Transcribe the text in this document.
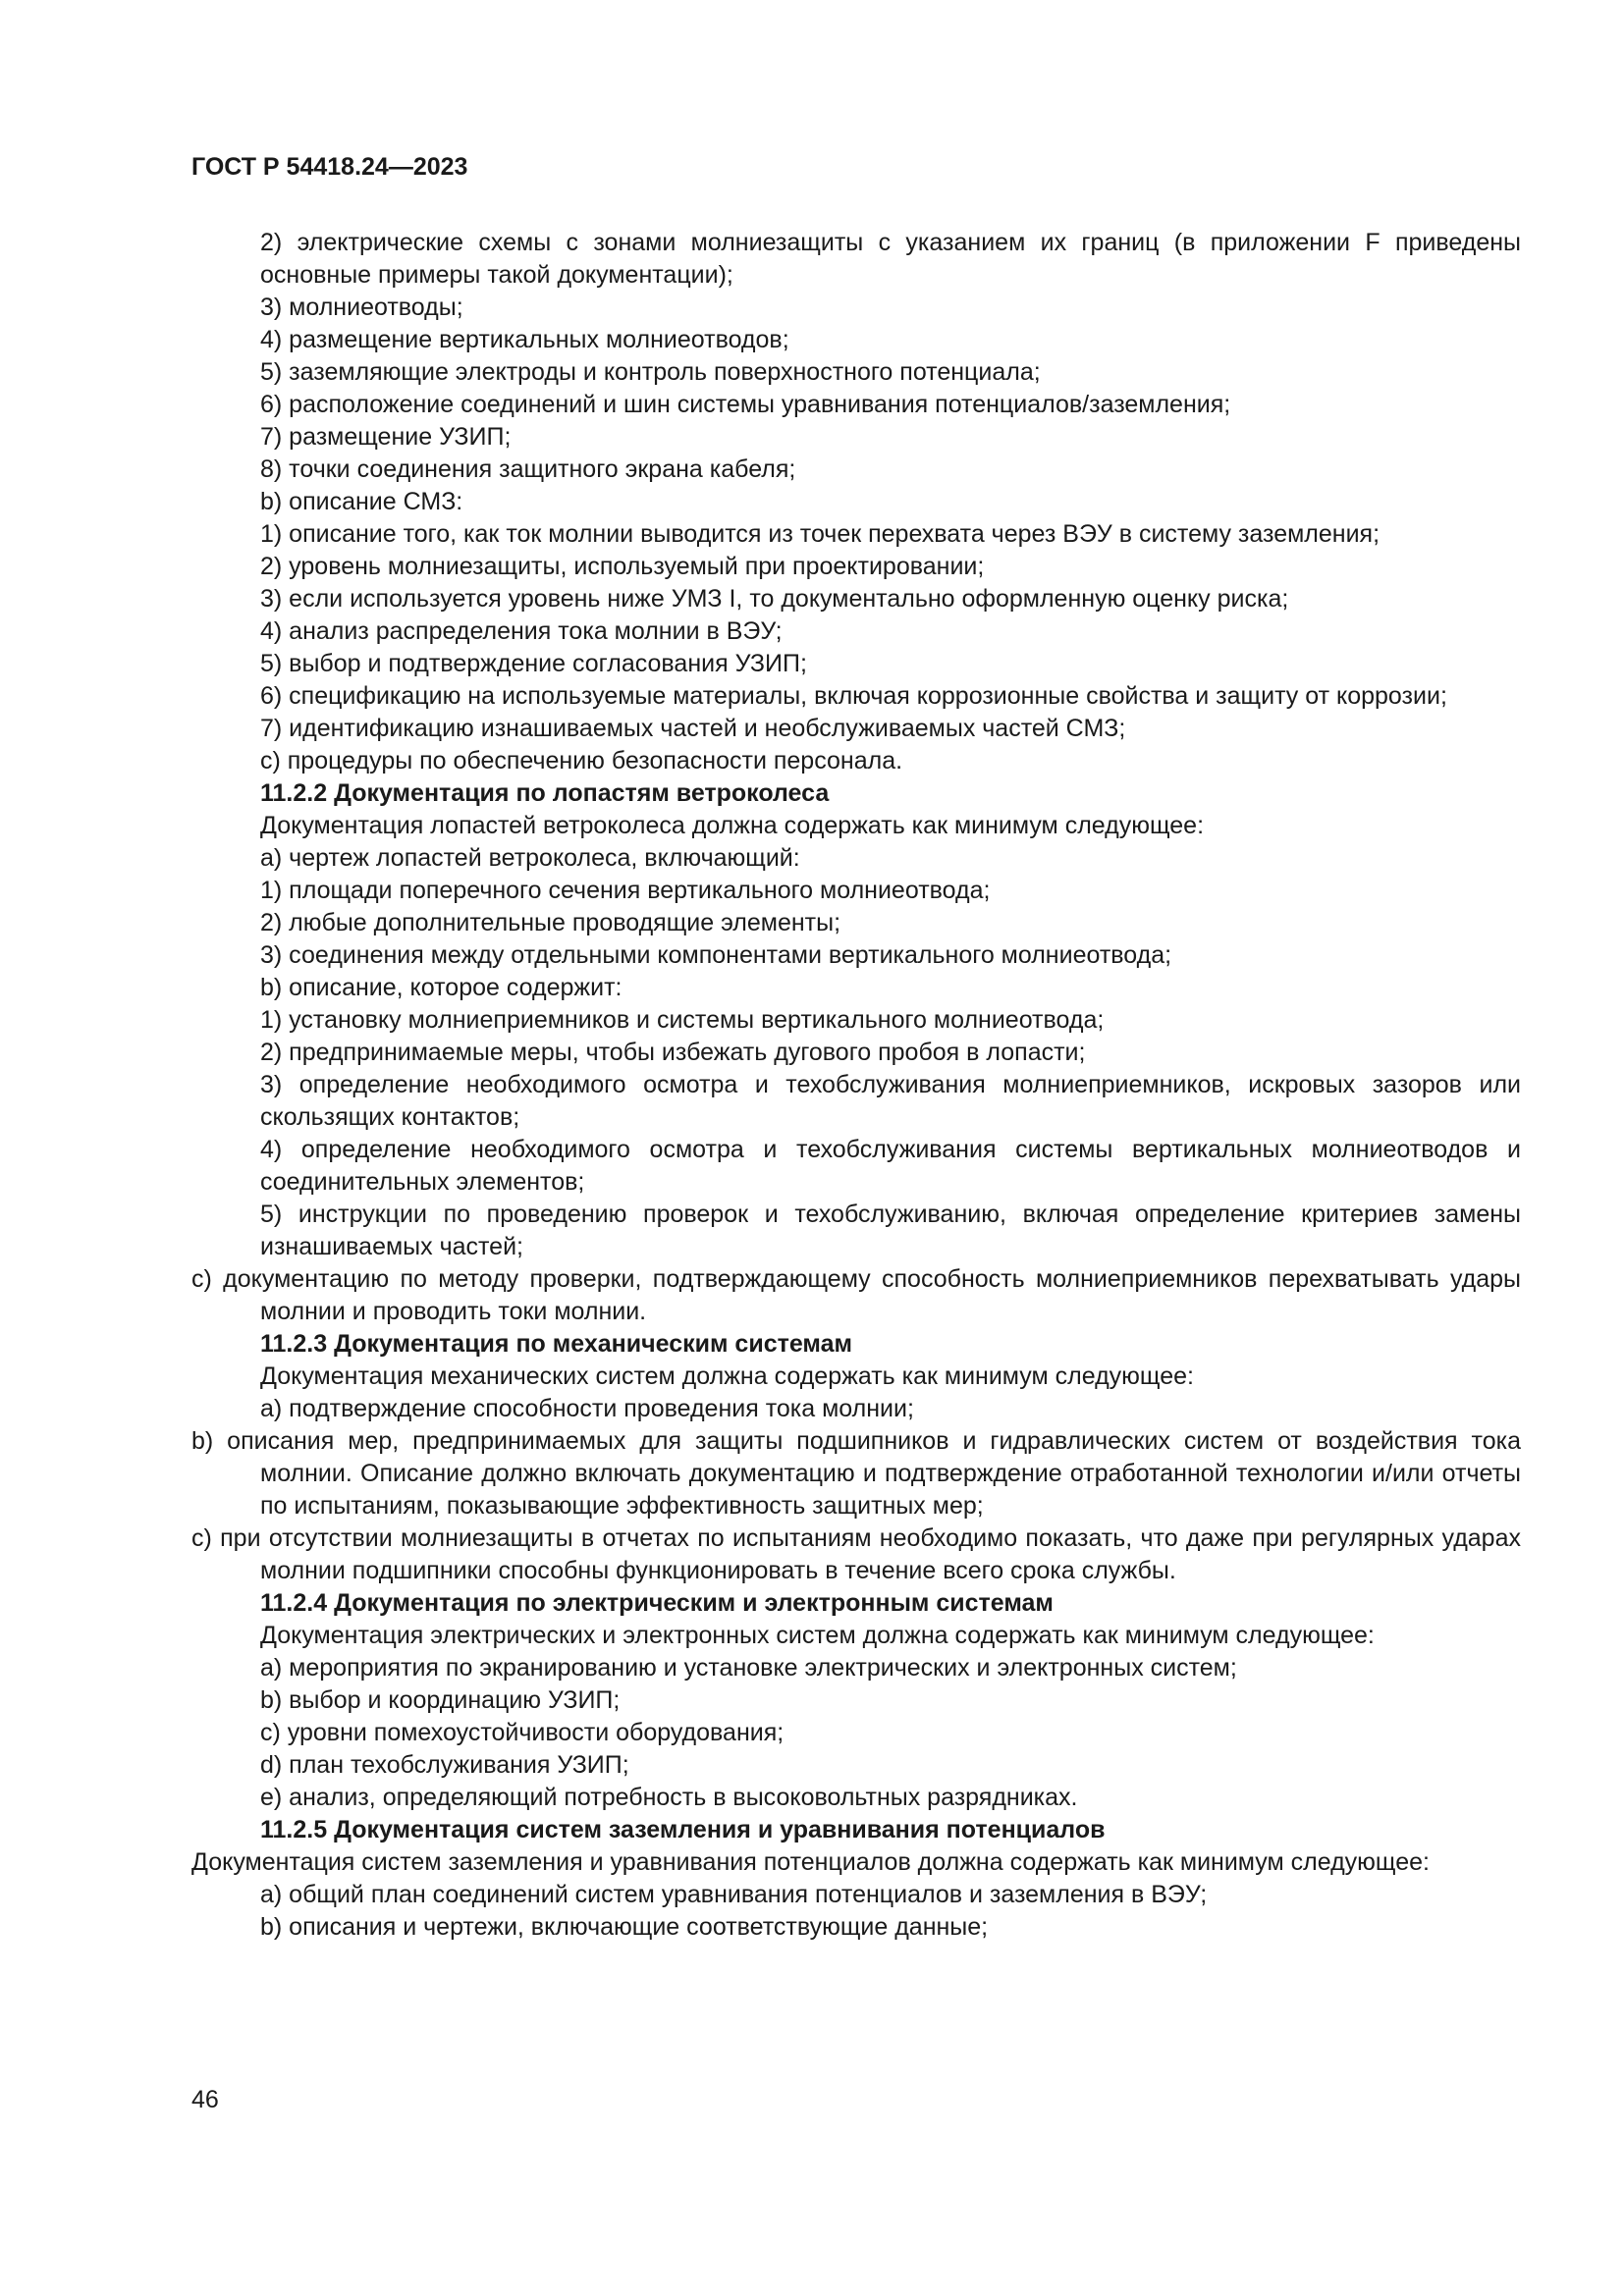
ГОСТ Р 54418.24—2023

2) электрические схемы с зонами молниезащиты с указанием их границ (в приложении F приведены основные примеры такой документации);

3) молниеотводы;

4) размещение вертикальных молниеотводов;

5) заземляющие электроды и контроль поверхностного потенциала;

6) расположение соединений и шин системы уравнивания потенциалов/заземления;

7) размещение УЗИП;

8) точки соединения защитного экрана кабеля;

b) описание СМЗ:

1) описание того, как ток молнии выводится из точек перехвата через ВЭУ в систему заземления;

2) уровень молниезащиты, используемый при проектировании;

3) если используется уровень ниже УМЗ I, то документально оформленную оценку риска;

4) анализ распределения тока молнии в ВЭУ;

5) выбор и подтверждение согласования УЗИП;

6) спецификацию на используемые материалы, включая коррозионные свойства и защиту от коррозии;

7) идентификацию изнашиваемых частей и необслуживаемых частей СМЗ;

c) процедуры по обеспечению безопасности персонала.

11.2.2 Документация по лопастям ветроколеса

Документация лопастей ветроколеса должна содержать как минимум следующее:

a) чертеж лопастей ветроколеса, включающий:

1) площади поперечного сечения вертикального молниеотвода;

2) любые дополнительные проводящие элементы;

3) соединения между отдельными компонентами вертикального молниеотвода;

b) описание, которое содержит:

1) установку молниеприемников и системы вертикального молниеотвода;

2) предпринимаемые меры, чтобы избежать дугового пробоя в лопасти;

3) определение необходимого осмотра и техобслуживания молниеприемников, искровых зазоров или скользящих контактов;

4) определение необходимого осмотра и техобслуживания системы вертикальных молниеотводов и соединительных элементов;

5) инструкции по проведению проверок и техобслуживанию, включая определение критериев замены изнашиваемых частей;

c) документацию по методу проверки, подтверждающему способность молниеприемников перехватывать удары молнии и проводить токи молнии.

11.2.3 Документация по механическим системам

Документация механических систем должна содержать как минимум следующее:

a) подтверждение способности проведения тока молнии;

b) описания мер, предпринимаемых для защиты подшипников и гидравлических систем от воздействия тока молнии. Описание должно включать документацию и подтверждение отработанной технологии и/или отчеты по испытаниям, показывающие эффективность защитных мер;

c) при отсутствии молниезащиты в отчетах по испытаниям необходимо показать, что даже при регулярных ударах молнии подшипники способны функционировать в течение всего срока службы.

11.2.4 Документация по электрическим и электронным системам

Документация электрических и электронных систем должна содержать как минимум следующее:

a) мероприятия по экранированию и установке электрических и электронных систем;

b) выбор и координацию УЗИП;

c) уровни помехоустойчивости оборудования;

d) план техобслуживания УЗИП;

e) анализ, определяющий потребность в высоковольтных разрядниках.

11.2.5 Документация систем заземления и уравнивания потенциалов

Документация систем заземления и уравнивания потенциалов должна содержать как минимум следующее:

a) общий план соединений систем уравнивания потенциалов и заземления в ВЭУ;

b) описания и чертежи, включающие соответствующие данные;

46
